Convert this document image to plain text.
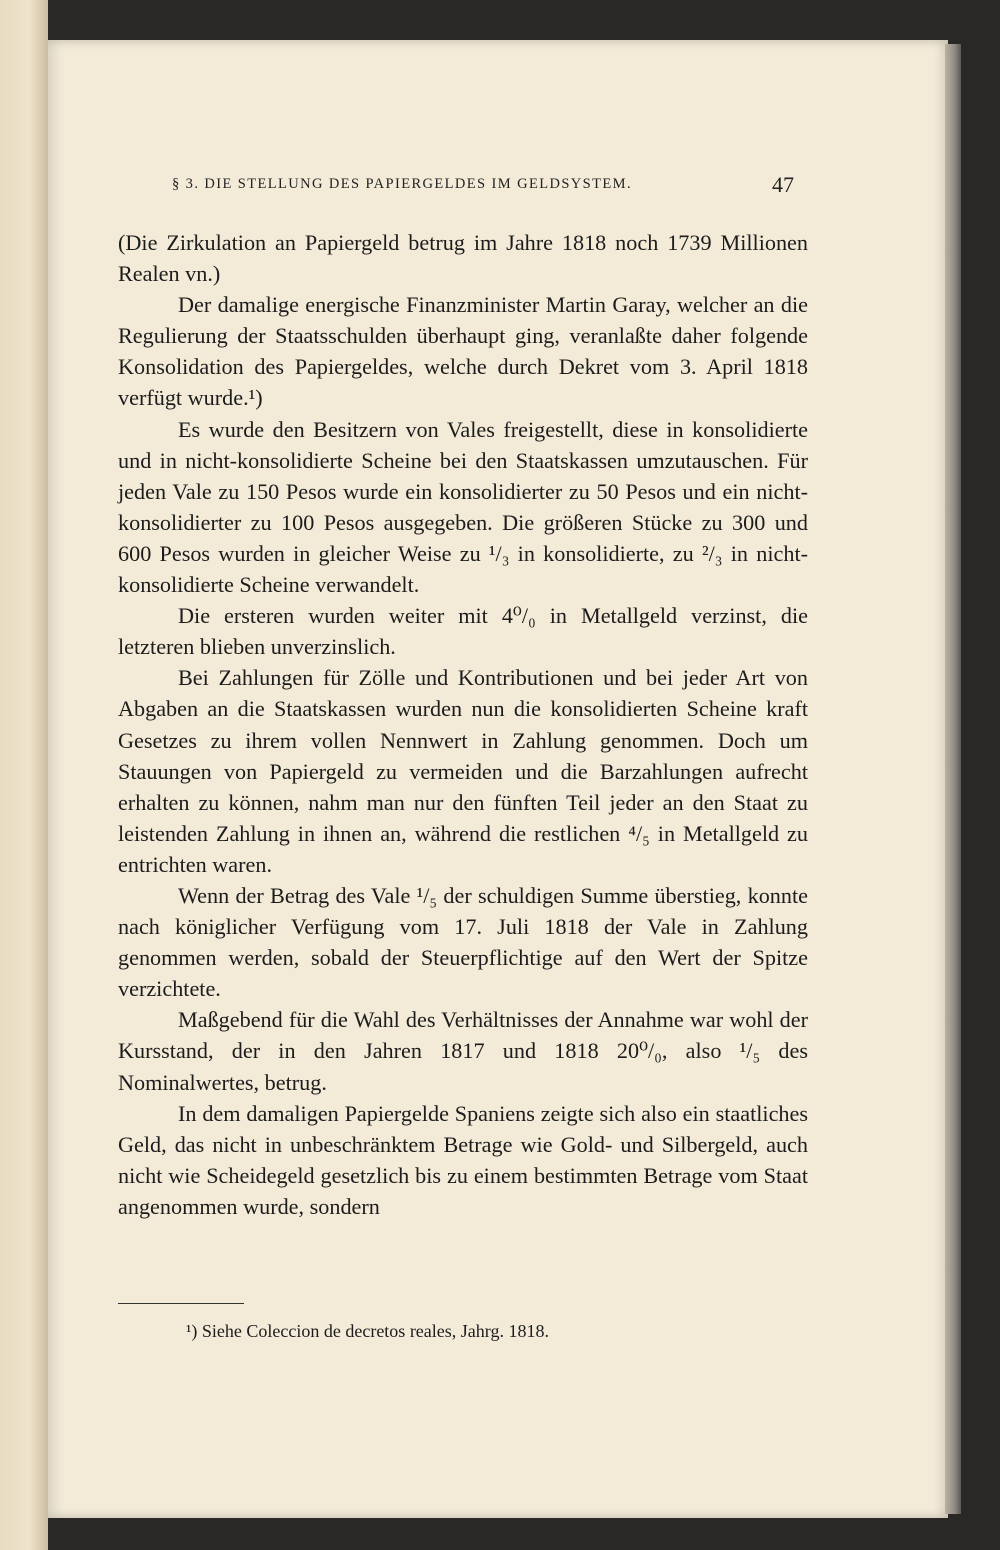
§ 3. DIE STELLUNG DES PAPIERGELDES IM GELDSYSTEM.	47

(Die Zirkulation an Papiergeld betrug im Jahre 1818 noch 1739 Millionen Realen vn.)

Der damalige energische Finanzminister Martin Garay, welcher an die Regulierung der Staatsschulden überhaupt ging, veranlaßte daher folgende Konsolidation des Papiergeldes, welche durch Dekret vom 3. April 1818 verfügt wurde.¹)

Es wurde den Besitzern von Vales freigestellt, diese in konsolidierte und in nicht-konsolidierte Scheine bei den Staatskassen umzutauschen. Für jeden Vale zu 150 Pesos wurde ein konsolidierter zu 50 Pesos und ein nicht-konsolidierter zu 100 Pesos ausgegeben. Die größeren Stücke zu 300 und 600 Pesos wurden in gleicher Weise zu ¹/₃ in konsolidierte, zu ²/₃ in nicht-konsolidierte Scheine verwandelt.

Die ersteren wurden weiter mit 4⁰/₀ in Metallgeld verzinst, die letzteren blieben unverzinslich.

Bei Zahlungen für Zölle und Kontributionen und bei jeder Art von Abgaben an die Staatskassen wurden nun die konsolidierten Scheine kraft Gesetzes zu ihrem vollen Nennwert in Zahlung genommen. Doch um Stauungen von Papiergeld zu vermeiden und die Barzahlungen aufrecht erhalten zu können, nahm man nur den fünften Teil jeder an den Staat zu leistenden Zahlung in ihnen an, während die restlichen ⁴/₅ in Metallgeld zu entrichten waren.

Wenn der Betrag des Vale ¹/₅ der schuldigen Summe überstieg, konnte nach königlicher Verfügung vom 17. Juli 1818 der Vale in Zahlung genommen werden, sobald der Steuerpflichtige auf den Wert der Spitze verzichtete.

Maßgebend für die Wahl des Verhältnisses der Annahme war wohl der Kursstand, der in den Jahren 1817 und 1818 20⁰/₀, also ¹/₅ des Nominalwertes, betrug.

In dem damaligen Papiergelde Spaniens zeigte sich also ein staatliches Geld, das nicht in unbeschränktem Betrage wie Gold- und Silbergeld, auch nicht wie Scheidegeld gesetzlich bis zu einem bestimmten Betrage vom Staat angenommen wurde, sondern

¹) Siehe Coleccion de decretos reales, Jahrg. 1818.
